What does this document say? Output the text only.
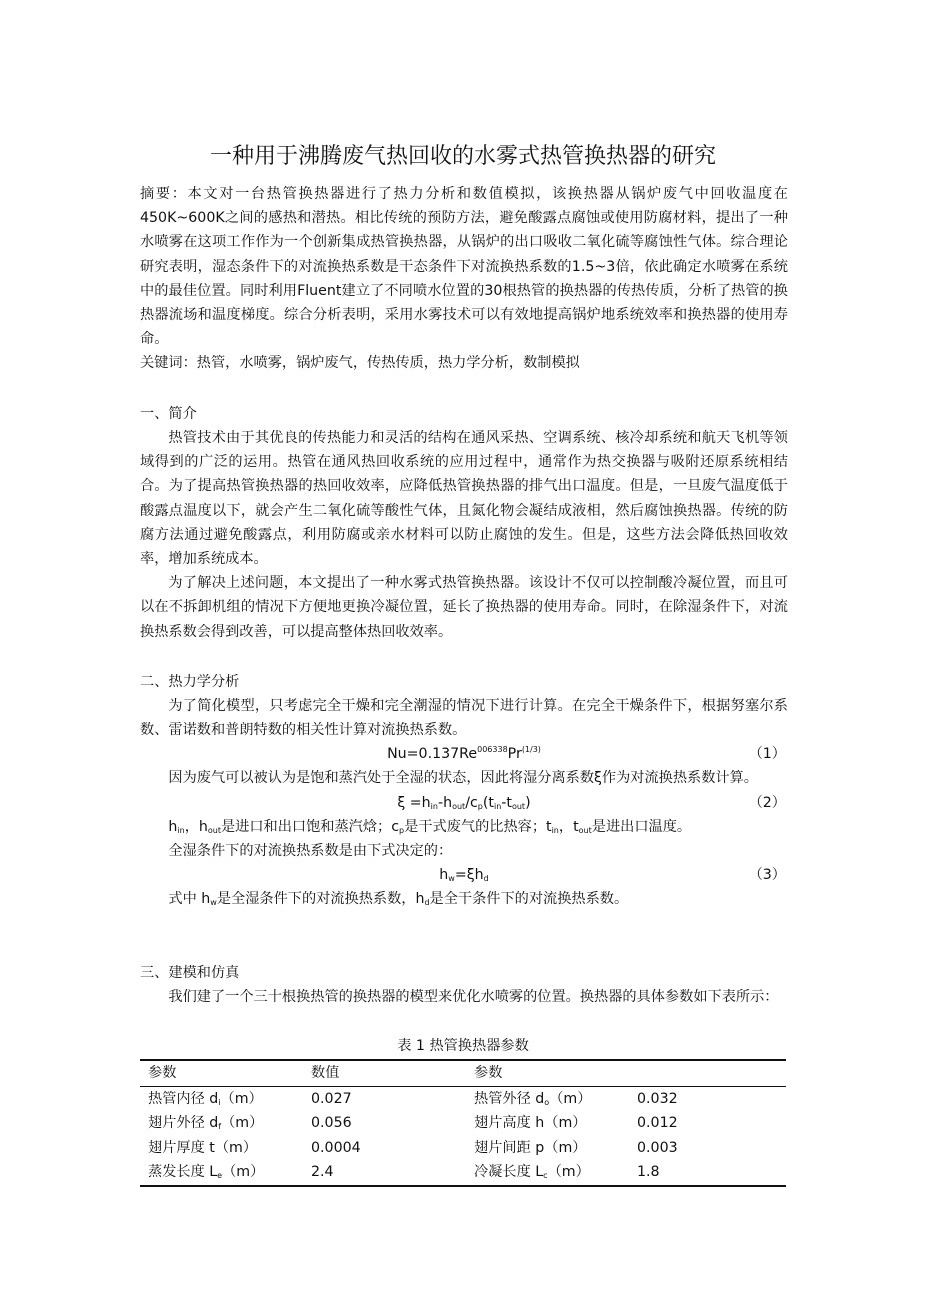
一种用于沸腾废气热回收的水雾式热管换热器的研究

摘要：本文对一台热管换热器进行了热力分析和数值模拟，该换热器从锅炉废气中回收温度在450K~600K之间的感热和潜热。相比传统的预防方法，避免酸露点腐蚀或使用防腐材料，提出了一种水喷雾在这项工作作为一个创新集成热管换热器，从锅炉的出口吸收二氧化硫等腐蚀性气体。综合理论研究表明，湿态条件下的对流换热系数是干态条件下对流换热系数的1.5~3倍，依此确定水喷雾在系统中的最佳位置。同时利用Fluent建立了不同喷水位置的30根热管的换热器的传热传质，分析了热管的换热器流场和温度梯度。综合分析表明，采用水雾技术可以有效地提高锅炉地系统效率和换热器的使用寿命。

关键词：热管，水喷雾，锅炉废气，传热传质，热力学分析，数制模拟

一、简介

热管技术由于其优良的传热能力和灵活的结构在通风采热、空调系统、核冷却系统和航天飞机等领域得到的广泛的运用。热管在通风热回收系统的应用过程中，通常作为热交换器与吸附还原系统相结合。为了提高热管换热器的热回收效率，应降低热管换热器的排气出口温度。但是，一旦废气温度低于酸露点温度以下，就会产生二氧化硫等酸性气体，且氮化物会凝结成液相，然后腐蚀换热器。传统的防腐方法通过避免酸露点，利用防腐或亲水材料可以防止腐蚀的发生。但是，这些方法会降低热回收效率，增加系统成本。

为了解决上述问题，本文提出了一种水雾式热管换热器。该设计不仅可以控制酸冷凝位置，而且可以在不拆卸机组的情况下方便地更换冷凝位置，延长了换热器的使用寿命。同时，在除湿条件下，对流换热系数会得到改善，可以提高整体热回收效率。

二、热力学分析

为了简化模型，只考虑完全干燥和完全潮湿的情况下进行计算。在完全干燥条件下，根据努塞尔系数、雷诺数和普朗特数的相关性计算对流换热系数。

$Nu=0.137Re^{006338}Pr^{(1/3)}$	（1）

因为废气可以被认为是饱和蒸汽处于全湿的状态，因此将湿分离系数ξ作为对流换热系数计算。

$\xi =h_{in}-h_{out}/c_p(t_{in}-t_{out})$	（2）

$h_{in}$，$h_{out}$是进口和出口饱和蒸汽焓；$c_p$是干式废气的比热容；$t_{in}$，$t_{out}$是进出口温度。

全湿条件下的对流换热系数是由下式决定的：

$h_w=\xi h_d$	（3）

式中 $h_w$是全湿条件下的对流换热系数，$h_d$是全干条件下的对流换热系数。

三、建模和仿真

我们建了一个三十根换热管的换热器的模型来优化水喷雾的位置。换热器的具体参数如下表所示：

表 1 热管换热器参数
参数	数值	参数	
热管内径 $d_i(m)$	0.027	热管外径 $d_o(m)$	0.032
翅片外径 $d_f(m)$	0.056	翅片高度 h（m）	0.012
翅片厚度 t（m）	0.0004	翅片间距 p（m）	0.003
蒸发长度 $L_e(m)$	2.4	冷凝长度 $L_c(m)$	1.8
